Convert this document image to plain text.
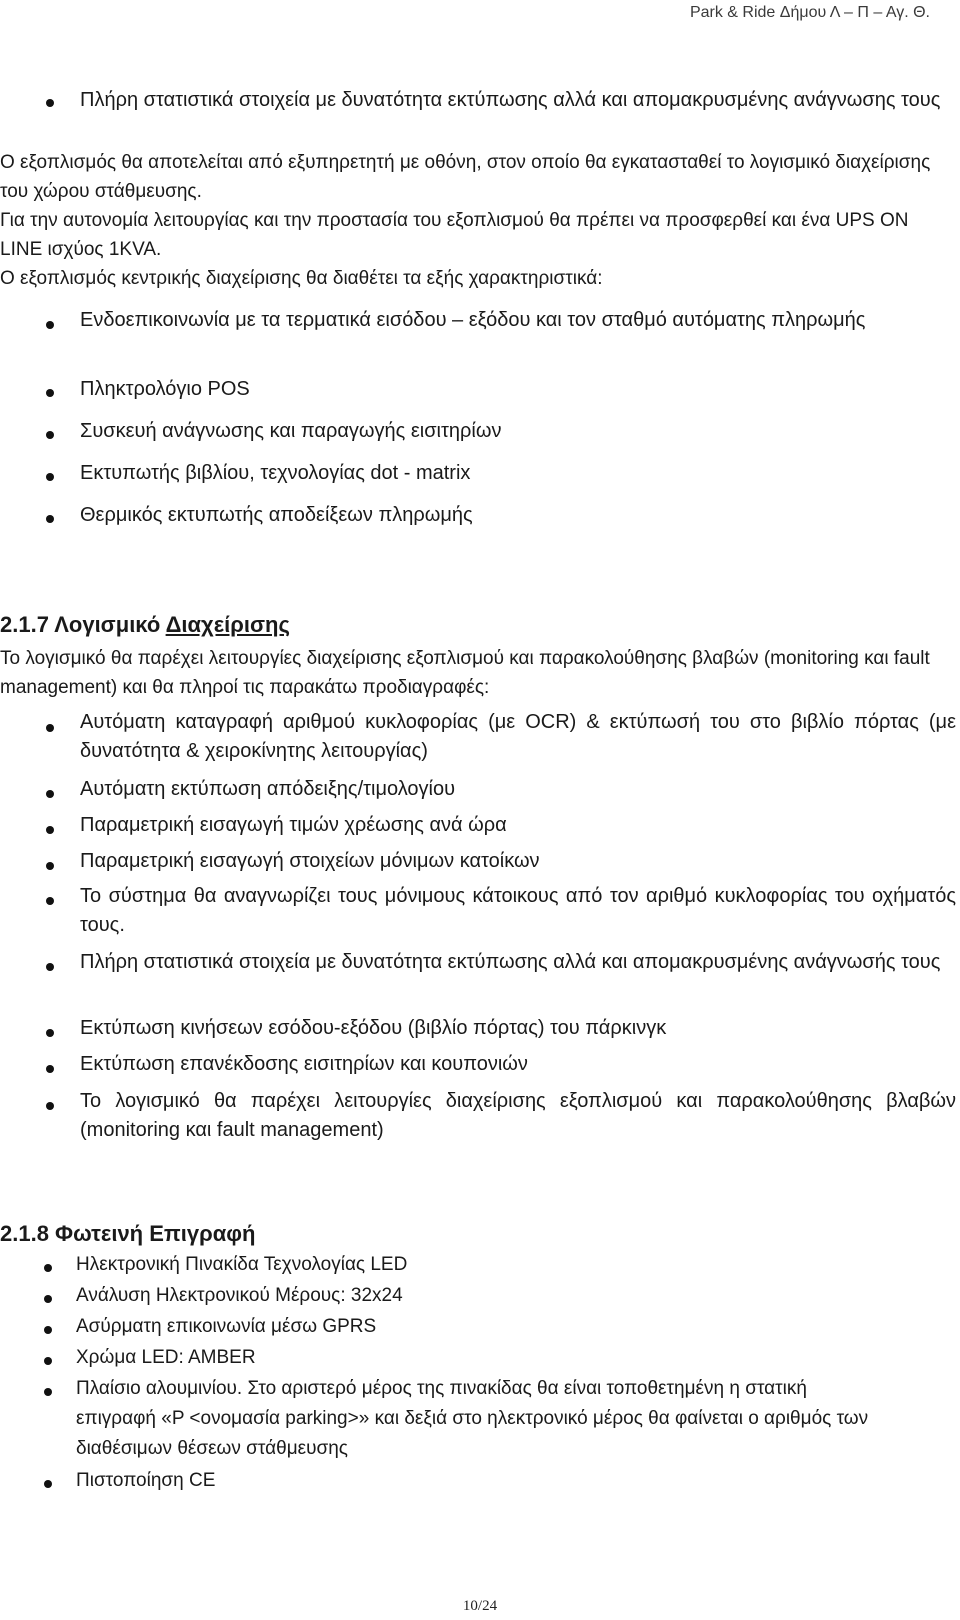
Park & Ride Δήμου Λ – Π – Αγ. Θ.
Πλήρη στατιστικά στοιχεία με δυνατότητα εκτύπωσης αλλά και απομακρυσμένης ανάγνωσης τους
Ο εξοπλισμός θα αποτελείται από εξυπηρετητή με οθόνη, στον οποίο θα εγκατασταθεί το λογισμικό διαχείρισης του χώρου στάθμευσης.
Για την αυτονομία λειτουργίας και την προστασία του εξοπλισμού θα πρέπει να προσφερθεί και ένα UPS ON LINE ισχύος 1KVA.
Ο εξοπλισμός κεντρικής διαχείρισης θα διαθέτει τα εξής χαρακτηριστικά:
Ενδοεπικοινωνία με τα τερματικά εισόδου – εξόδου και τον σταθμό αυτόματης πληρωμής
Πληκτρολόγιο POS
Συσκευή ανάγνωσης και παραγωγής εισιτηρίων
Εκτυπωτής βιβλίου, τεχνολογίας dot - matrix
Θερμικός εκτυπωτής αποδείξεων πληρωμής
2.1.7 Λογισμικό Διαχείρισης
Το λογισμικό θα παρέχει λειτουργίες διαχείρισης εξοπλισμού και παρακολούθησης βλαβών (monitoring και fault management) και θα πληροί τις παρακάτω προδιαγραφές:
Αυτόματη καταγραφή αριθμού κυκλοφορίας (με OCR) & εκτύπωσή του στο βιβλίο πόρτας (με δυνατότητα & χειροκίνητης λειτουργίας)
Αυτόματη εκτύπωση απόδειξης/τιμολογίου
Παραμετρική εισαγωγή τιμών χρέωσης ανά ώρα
Παραμετρική εισαγωγή στοιχείων μόνιμων κατοίκων
Το σύστημα θα αναγνωρίζει τους μόνιμους κάτοικους από τον αριθμό κυκλοφορίας του οχήματός τους.
Πλήρη στατιστικά στοιχεία με δυνατότητα εκτύπωσης αλλά και απομακρυσμένης ανάγνωσής τους
Εκτύπωση κινήσεων εσόδου-εξόδου (βιβλίο πόρτας) του πάρκινγκ
Εκτύπωση επανέκδοσης εισιτηρίων και κουπονιών
Το λογισμικό θα παρέχει λειτουργίες διαχείρισης εξοπλισμού και παρακολούθησης βλαβών (monitoring και fault management)
2.1.8 Φωτεινή Επιγραφή
Ηλεκτρονική Πινακίδα Τεχνολογίας LED
Ανάλυση Ηλεκτρονικού Μέρους: 32x24
Ασύρματη επικοινωνία μέσω GPRS
Χρώμα LED: AMBER
Πλαίσιο αλουμινίου. Στο αριστερό μέρος της πινακίδας θα είναι τοποθετημένη η στατική επιγραφή «P <ονομασία parking>» και δεξιά στο ηλεκτρονικό μέρος θα φαίνεται ο αριθμός των διαθέσιμων θέσεων στάθμευσης
Πιστοποίηση CE
10/24
